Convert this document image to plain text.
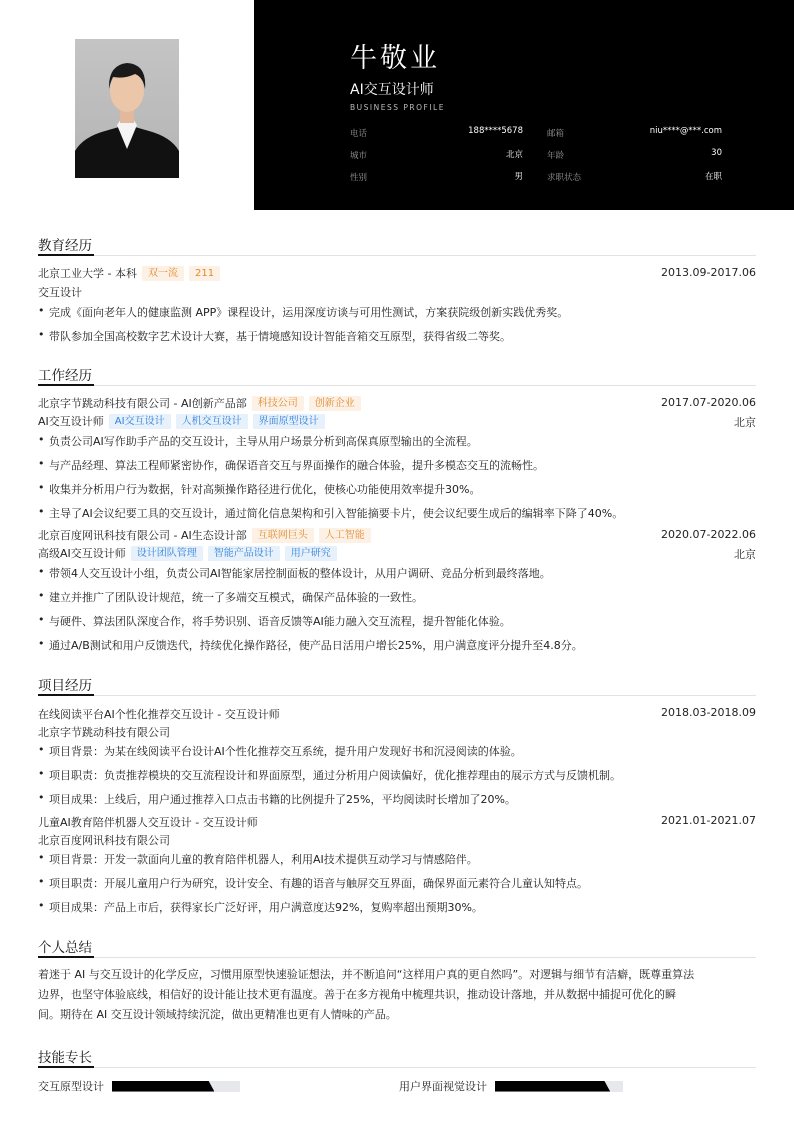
牛敬业
AI交互设计师
BUSINESS PROFILE
电话	188****5678	邮箱	niu****@***.com
城市	北京	年龄	30
性别	男	求职状态	在职
教育经历
北京工业大学 - 本科	双一流	211	2013.09-2017.06
交互设计
• 完成《面向老年人的健康监测 APP》课程设计，运用深度访谈与可用性测试，方案获院级创新实践优秀奖。
• 带队参加全国高校数字艺术设计大赛，基于情境感知设计智能音箱交互原型，获得省级二等奖。
工作经历
北京字节跳动科技有限公司 - AI创新产品部	科技公司	创新企业	2017.07-2020.06
AI交互设计师	AI交互设计	人机交互设计	界面原型设计	北京
• 负责公司AI写作助手产品的交互设计，主导从用户场景分析到高保真原型输出的全流程。
• 与产品经理、算法工程师紧密协作，确保语音交互与界面操作的融合体验，提升多模态交互的流畅性。
• 收集并分析用户行为数据，针对高频操作路径进行优化，使核心功能使用效率提升30%。
• 主导了AI会议纪要工具的交互设计，通过简化信息架构和引入智能摘要卡片，使会议纪要生成后的编辑率下降了40%。
北京百度网讯科技有限公司 - AI生态设计部	互联网巨头	人工智能	2020.07-2022.06
高级AI交互设计师	设计团队管理	智能产品设计	用户研究	北京
• 带领4人交互设计小组，负责公司AI智能家居控制面板的整体设计，从用户调研、竞品分析到最终落地。
• 建立并推广了团队设计规范，统一了多端交互模式，确保产品体验的一致性。
• 与硬件、算法团队深度合作，将手势识别、语音反馈等AI能力融入交互流程，提升智能化体验。
• 通过A/B测试和用户反馈迭代，持续优化操作路径，使产品日活用户增长25%，用户满意度评分提升至4.8分。
项目经历
在线阅读平台AI个性化推荐交互设计 - 交互设计师	2018.03-2018.09
北京字节跳动科技有限公司
• 项目背景：为某在线阅读平台设计AI个性化推荐交互系统，提升用户发现好书和沉浸阅读的体验。
• 项目职责：负责推荐模块的交互流程设计和界面原型，通过分析用户阅读偏好，优化推荐理由的展示方式与反馈机制。
• 项目成果：上线后，用户通过推荐入口点击书籍的比例提升了25%，平均阅读时长增加了20%。
儿童AI教育陪伴机器人交互设计 - 交互设计师	2021.01-2021.07
北京百度网讯科技有限公司
• 项目背景：开发一款面向儿童的教育陪伴机器人，利用AI技术提供互动学习与情感陪伴。
• 项目职责：开展儿童用户行为研究，设计安全、有趣的语音与触屏交互界面，确保界面元素符合儿童认知特点。
• 项目成果：产品上市后，获得家长广泛好评，用户满意度达92%，复购率超出预期30%。
个人总结
着迷于 AI 与交互设计的化学反应，习惯用原型快速验证想法，并不断追问“这样用户真的更自然吗”。对逻辑与细节有洁癖，既尊重算法
边界，也坚守体验底线，相信好的设计能让技术更有温度。善于在多方视角中梳理共识，推动设计落地，并从数据中捕捉可优化的瞬
间。期待在 AI 交互设计领域持续沉淀，做出更精准也更有人情味的产品。
技能专长
交互原型设计	用户界面视觉设计
